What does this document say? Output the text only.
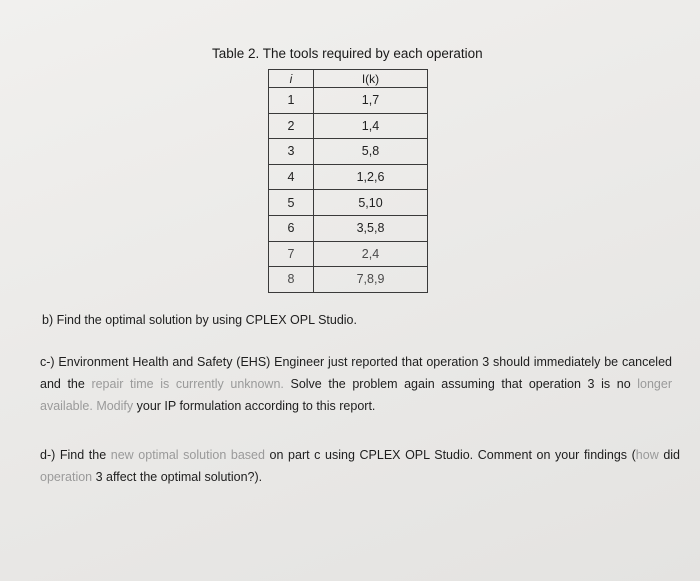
Table 2. The tools required by each operation
i	I(k)
1	1,7
2	1,4
3	5,8
4	1,2,6
5	5,10
6	3,5,8
7	2,4
8	7,8,9
b) Find the optimal solution by using CPLEX OPL Studio.
c-) Environment Health and Safety (EHS) Engineer just reported that operation 3 should immediately be canceled and the repair time is currently unknown. Solve the problem again assuming that operation 3 is no longer available. Modify your IP formulation according to this report.
d-) Find the new optimal solution based on part c using CPLEX OPL Studio. Comment on your findings (how did operation 3 affect the optimal solution?).
